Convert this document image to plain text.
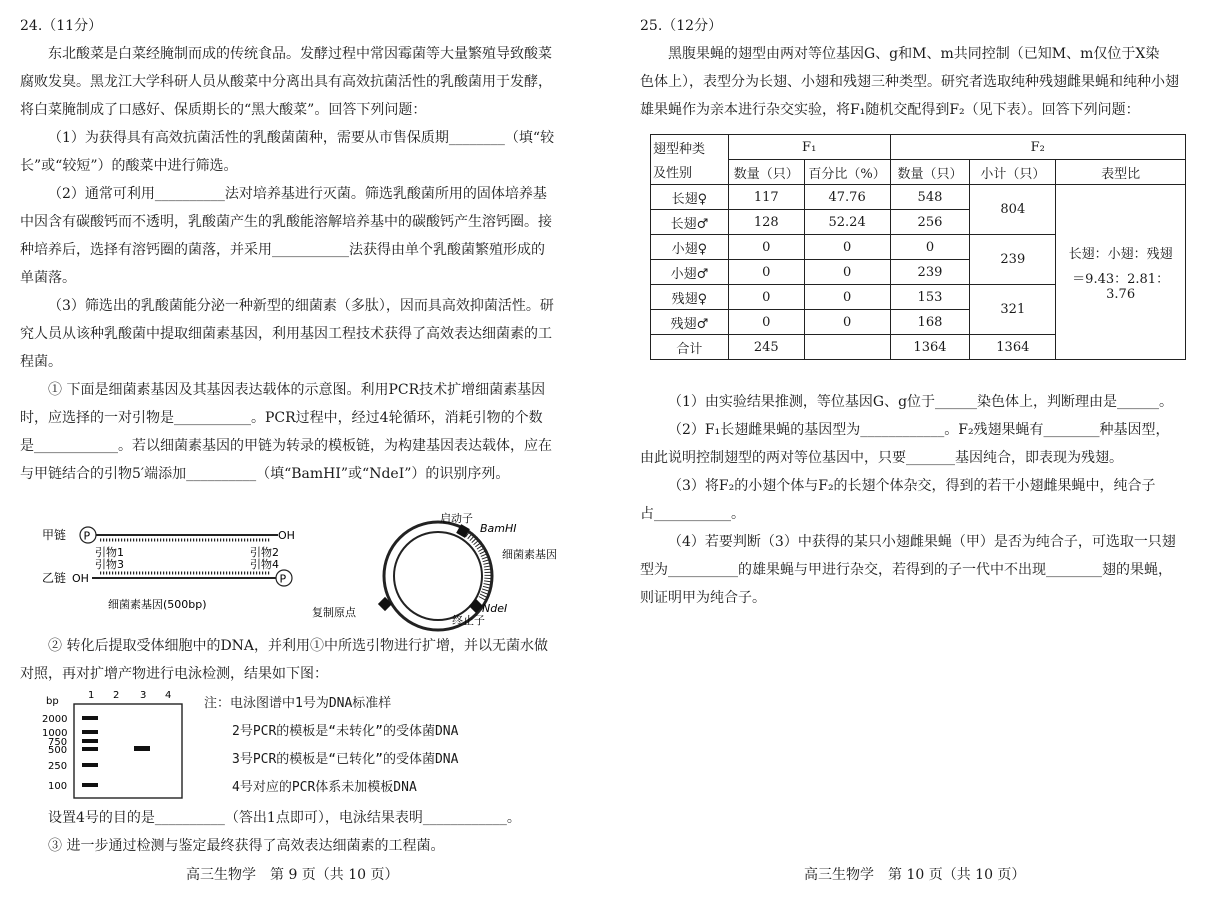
24.（11分）
东北酸菜是白菜经腌制而成的传统食品。发酵过程中常因霉菌等大量繁殖导致酸菜
腐败发臭。黑龙江大学科研人员从酸菜中分离出具有高效抗菌活性的乳酸菌用于发酵，
将白菜腌制成了口感好、保质期长的“黑大酸菜”。回答下列问题：
（1）为获得具有高效抗菌活性的乳酸菌菌种，需要从市售保质期________（填“较
长”或“较短”）的酸菜中进行筛选。
（2）通常可利用__________法对培养基进行灭菌。筛选乳酸菌所用的固体培养基
中因含有碳酸钙而不透明，乳酸菌产生的乳酸能溶解培养基中的碳酸钙产生溶钙圈。接
种培养后，选择有溶钙圈的菌落，并采用___________法获得由单个乳酸菌繁殖形成的
单菌落。
（3）筛选出的乳酸菌能分泌一种新型的细菌素（多肽），因而具高效抑菌活性。研
究人员从该种乳酸菌中提取细菌素基因，利用基因工程技术获得了高效表达细菌素的工
程菌。
① 下面是细菌素基因及其基因表达载体的示意图。利用PCR技术扩增细菌素基因
时，应选择的一对引物是___________。PCR过程中，经过4轮循环，消耗引物的个数
是____________。若以细菌素基因的甲链为转录的模板链，为构建基因表达载体，应在
与甲链结合的引物5′端添加__________（填“BamHⅠ”或“NdeⅠ”）的识别序列。
甲链 P	OH
引物1
引物3
引物2
引物4
乙链 OH	P
细菌素基因(500bp)
启动子
BamHⅠ
细菌素基因
NdeⅠ
终止子
复制原点
② 转化后提取受体细胞中的DNA，并利用①中所选引物进行扩增，并以无菌水做
对照，再对扩增产物进行电泳检测，结果如下图：
bp
1 2 3 4
2000
1000
750
500
250
100
注：电泳图谱中1号为DNA标准样
2号PCR的模板是“未转化”的受体菌DNA
3号PCR的模板是“已转化”的受体菌DNA
4号对应的PCR体系未加模板DNA
设置4号的目的是__________（答出1点即可），电泳结果表明____________。
③ 进一步通过检测与鉴定最终获得了高效表达细菌素的工程菌。
高三生物学　第 9 页（共 10 页）
25.（12分）
黑腹果蝇的翅型由两对等位基因G、g和M、m共同控制（已知M、m仅位于X染
色体上），表型分为长翅、小翅和残翅三种类型。研究者选取纯种残翅雌果蝇和纯种小翅
雄果蝇作为亲本进行杂交实验，将F₁随机交配得到F₂（见下表）。回答下列问题：
翅型种类	F₁		F₂		
及性别	数量（只）	百分比（%）	数量（只）	小计（只）	表型比
长翅♀	117	47.76	548	804	长翅：小翅：残翅
＝9.43：2.81：3.76

长翅♂	128	52.24	256		
小翅♀	0	0	0	239	
小翅♂	0	0	239		
残翅♀	0	0	153	321	
残翅♂	0	0	168		
合计	245		1364	1364	
（1）由实验结果推测，等位基因G、g位于______染色体上，判断理由是______。
（2）F₁长翅雌果蝇的基因型为____________。F₂残翅果蝇有________种基因型，
由此说明控制翅型的两对等位基因中，只要_______基因纯合，即表现为残翅。
（3）将F₂的小翅个体与F₂的长翅个体杂交，得到的若干小翅雌果蝇中，纯合子
占___________。
（4）若要判断（3）中获得的某只小翅雌果蝇（甲）是否为纯合子，可选取一只翅
型为__________的雄果蝇与甲进行杂交，若得到的子一代中不出现________翅的果蝇，
则证明甲为纯合子。
高三生物学　第 10 页（共 10 页）
